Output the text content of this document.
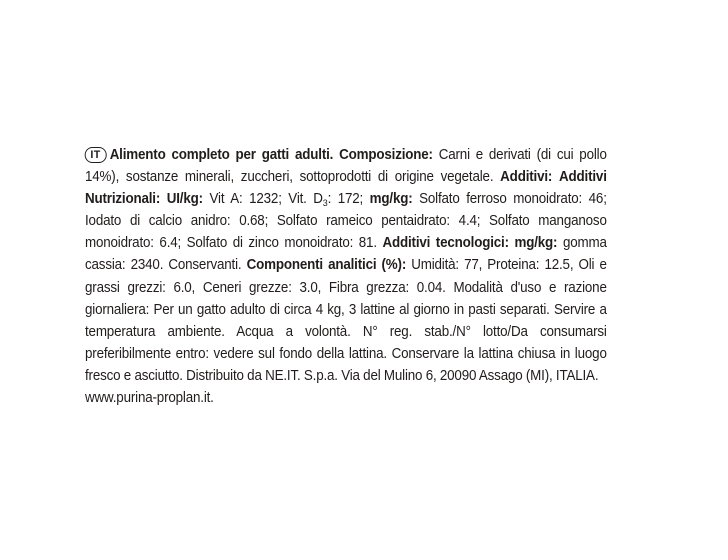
IT Alimento completo per gatti adulti. Composizione: Carni e derivati (di cui pollo 14%), sostanze minerali, zuccheri, sottoprodotti di origine vegetale. Additivi: Additivi Nutrizionali: UI/kg: Vit A: 1232; Vit. $D_3$: 172; mg/kg: Solfato ferroso monoidrato: 46; Iodato di calcio anidro: 0.68; Solfato rameico pentaidrato: 4.4; Solfato manganoso monoidrato: 6.4; Solfato di zinco monoidrato: 81. Additivi tecnologici: mg/kg: gomma cassia: 2340. Conservanti. Componenti analitici (%): Umidità: 77, Proteina: 12.5, Oli e grassi grezzi: 6.0, Ceneri grezze: 3.0, Fibra grezza: 0.04. Modalità d'uso e razione giornaliera: Per un gatto adulto di circa 4 kg, 3 lattine al giorno in pasti separati. Servire a temperatura ambiente. Acqua a volontà. N° reg. stab./N° lotto/Da consumarsi preferibilmente entro: vedere sul fondo della lattina. Conservare la lattina chiusa in luogo fresco e asciutto. Distribuito da NE.IT. S.p.a. Via del Mulino 6, 20090 Assago (MI), ITALIA.
www.purina-proplan.it.
